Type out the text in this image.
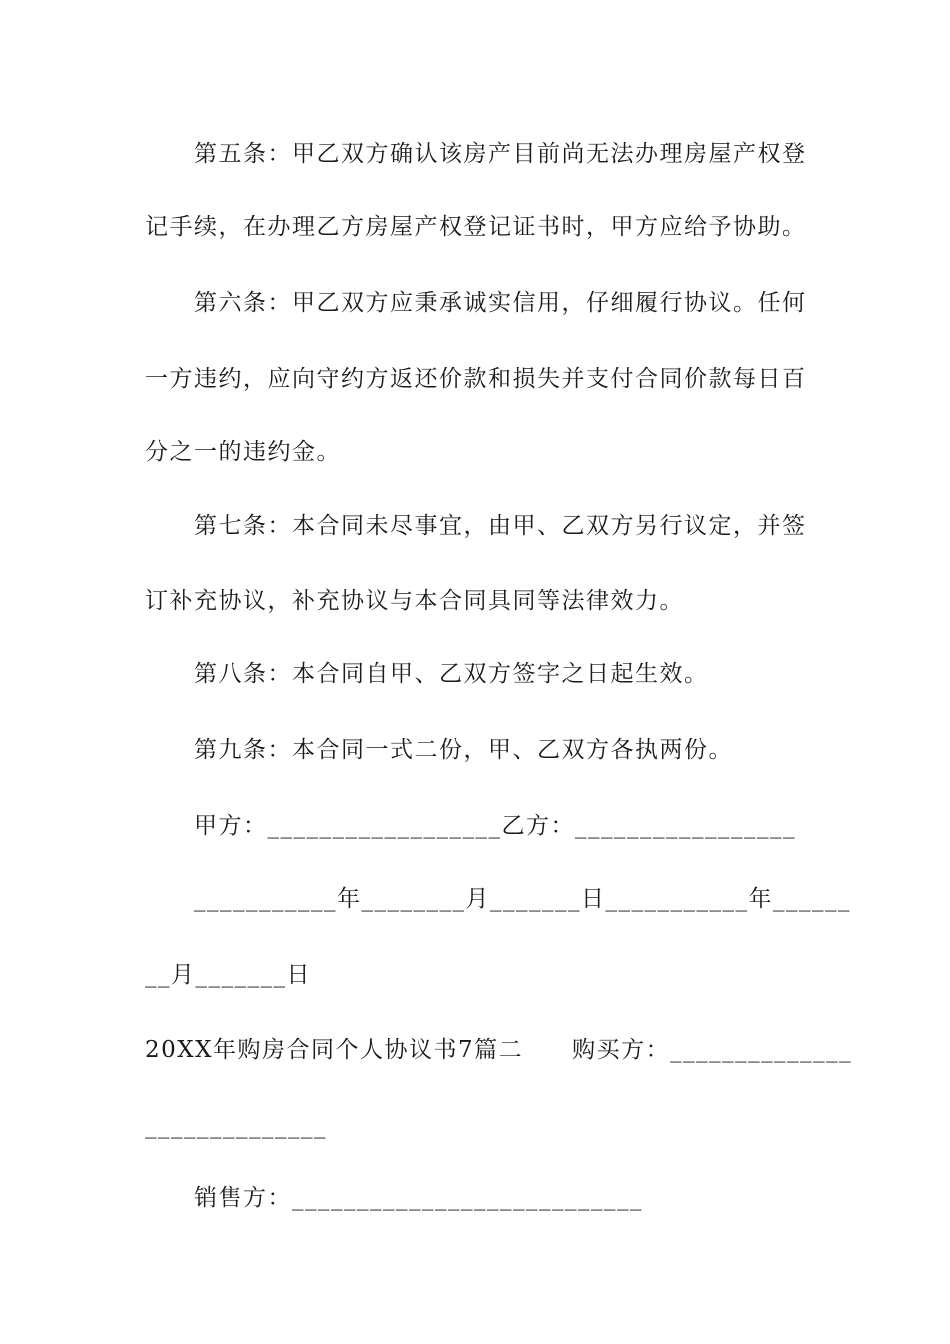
第五条：甲乙双方确认该房产目前尚无法办理房屋产权登
记手续，在办理乙方房屋产权登记证书时，甲方应给予协助。
第六条：甲乙双方应秉承诚实信用，仔细履行协议。任何
一方违约，应向守约方返还价款和损失并支付合同价款每日百
分之一的违约金。
第七条：本合同未尽事宜，由甲、乙双方另行议定，并签
订补充协议，补充协议与本合同具同等法律效力。
第八条：本合同自甲、乙双方签字之日起生效。
第九条：本合同一式二份，甲、乙双方各执两份。
甲方：__________________乙方：_________________
___________年________月_______日___________年______
__月_______日
20XX年购房合同个人协议书7篇二　　购买方：______________
______________
销售方：___________________________
